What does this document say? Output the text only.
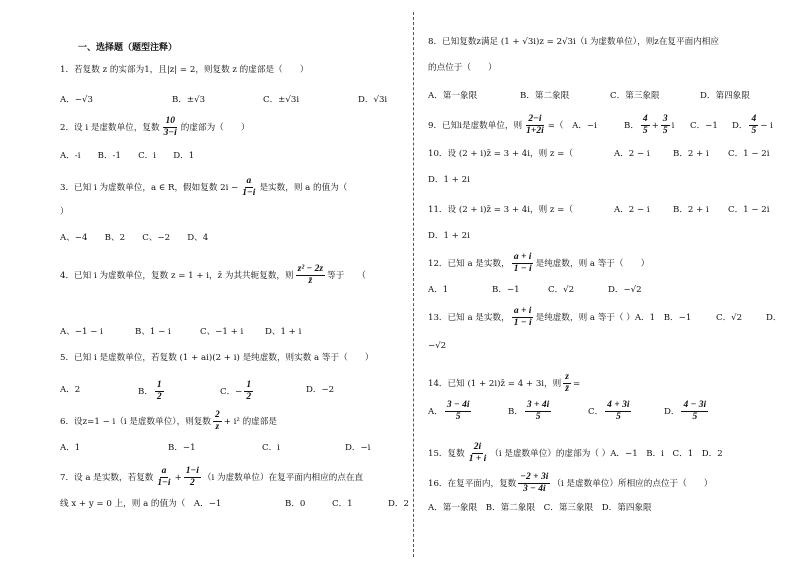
一、选择题（题型注释）
1．若复数 z 的实部为1，且|z| = 2，则复数 z 的虚部是（　　）
A．−√3	B．±√3	C．±√3i	D．√3i
2．设 i 是虚数单位，复数 $\frac{10}{3-i}$ 的虚部为（　　）
A．-i　　B．-1　　C．i　　D．1
3．已知 i 为虚数单位，a ∈ R，假如复数 $2i - \frac{a}{1-i}$ 是实数，则 a 的值为（
）
A、−4　　B、2　　C、−2　　D、4
4．已知 i 为虚数单位，复数 z = 1 + i，z̄ 为其共轭复数，则 $\frac{\text{z² − 2z}}{z̄}$ 等于　　（
A、−1 − i	B、1 − i	C、−1 + i	D、1 + i
5．已知 i 是虚数单位，若复数 (1 + ai)(2 + i) 是纯虚数，则实数 a 等于（　　）
A．2	B． $\frac{1}{2}$	C．− $\frac{1}{2}$	D．−2
6．设z=1 − i（i 是虚数单位），则复数 $\frac{2}{z} + i^2$ 的虚部是
A．1	B．−1	C．i	D．−i
7．设 a 是实数，若复数 $\frac{a}{1-i} + \frac{1-i}{2} (i$ 为虚数单位）在复平面内相应的点在直
线 x + y = 0 上，则 a 的值为（　A．−1	B．0	C．1	D．2
8．已知复数z满足 (1 + √3i)z = 2√3i（i 为虚数单位），则z在复平面内相应
的点位于（　　）
A．第一象限	B．第二象限	C．第三象限	D．第四象限
9．已知i是虚数单位，则 $\frac{2-i}{1+2i}$ =（　A．−i	B． $\frac{4}{5} + \frac{3}{5}$ i C．−1 D． $\frac{4}{5} - i$
10．设 (2 + i)z̄ = 3 + 4i，则 z =（	A．2 − i	B．2 + i C．1 − 2i
D．1 + 2i
11．设 (2 + i)z̄ = 3 + 4i，则 z =（	A．2 − i	B．2 + i C．1 − 2i
D．1 + 2i
12．已知 a 是实数， $\frac{a + i}{1 - i}$ 是纯虚数，则 a 等于（　　）
A．1	B．−1	C．√2	D．−√2
13．已知 a 是实数， $\frac{a + i}{1 - i}$ 是纯虚数，则 a 等于（ ）A．1　B．−1	C．√2	D．
−√2
14．已知 (1 + 2i)z̄ = 4 + 3i，则 $\frac{z}{z̄}$ =
A． $\frac{3 - 4i}{5}$	B． $\frac{3 + 4i}{5}$	C． $\frac{4 + 3i}{5}$	D． $\frac{4 - 3i}{5}$
15．复数 $\frac{2i}{1 + i} (i$ 是虚数单位）的虚部为（ ）A．−1　B．i　C．1　D．2
16．在复平面内，复数 $\frac{-2 + 3i}{3 - 4i} (i$ 是虚数单位）所相应的点位于（　　）
A．第一象限　B．第二象限　C．第三象限　D．第四象限
